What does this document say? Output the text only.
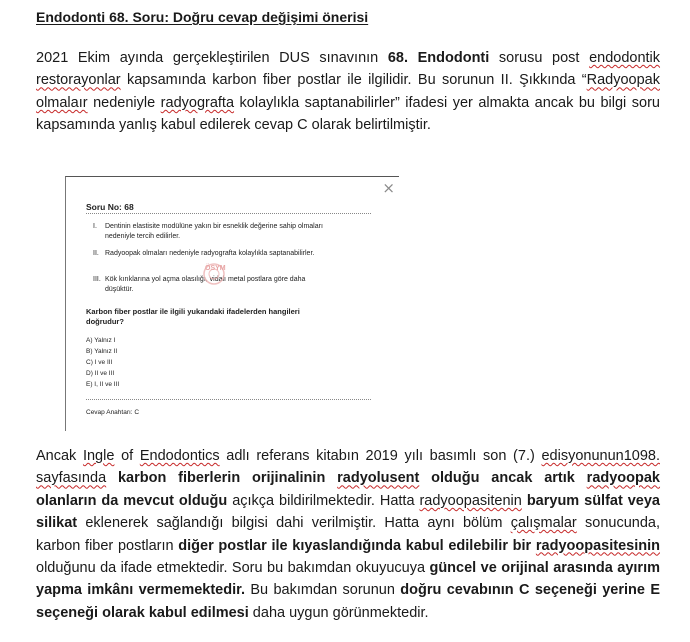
Endodonti 68. Soru: Doğru cevap değişimi önerisi

2021 Ekim ayında gerçekleştirilen DUS sınavının 68. Endodonti sorusu post endodontik restorayonlar kapsamında karbon fiber postlar ile ilgilidir. Bu sorunun II. Şıkkında “Radyoopak olmalaır nedeniyle radyografta kolaylıkla saptanabilirler” ifadesi yer almakta ancak bu bilgi soru kapsamında yanlış kabul edilerek cevap C olarak belirtilmiştir.

×
Soru No: 68
I. Dentinin elastisite modülüne yakın bir esneklik değerine sahip olmaları nedeniyle tercih edilirler.
II. Radyoopak olmaları nedeniyle radyografta kolaylıkla saptanabilirler.
III. Kök kırıklarına yol açma olasılığı, vidalı metal postlara göre daha düşüktür.
ÖSYM
Karbon fiber postlar ile ilgili yukarıdaki ifadelerden hangileri doğrudur?
A) Yalnız I
B) Yalnız II
C) I ve III
D) II ve III
E) I, II ve III
Cevap Anahtarı: C

Ancak Ingle of Endodontics adlı referans kitabın 2019 yılı basımlı son (7.) edisyonunun1098. sayfasında karbon fiberlerin orijinalinin radyolusent olduğu ancak artık radyoopak olanların da mevcut olduğu açıkça bildirilmektedir. Hatta radyoopasitenin baryum sülfat veya silikat eklenerek sağlandığı bilgisi dahi verilmiştir. Hatta aynı bölüm çalışmalar sonucunda, karbon fiber postların diğer postlar ile kıyaslandığında kabul edilebilir bir radyoopasitesinin olduğunu da ifade etmektedir. Soru bu bakımdan okuyucuya güncel ve orijinal arasında ayırım yapma imkânı vermemektedir. Bu bakımdan sorunun doğru cevabının C seçeneği yerine E seçeneği olarak kabul edilmesi daha uygun görünmektedir.
